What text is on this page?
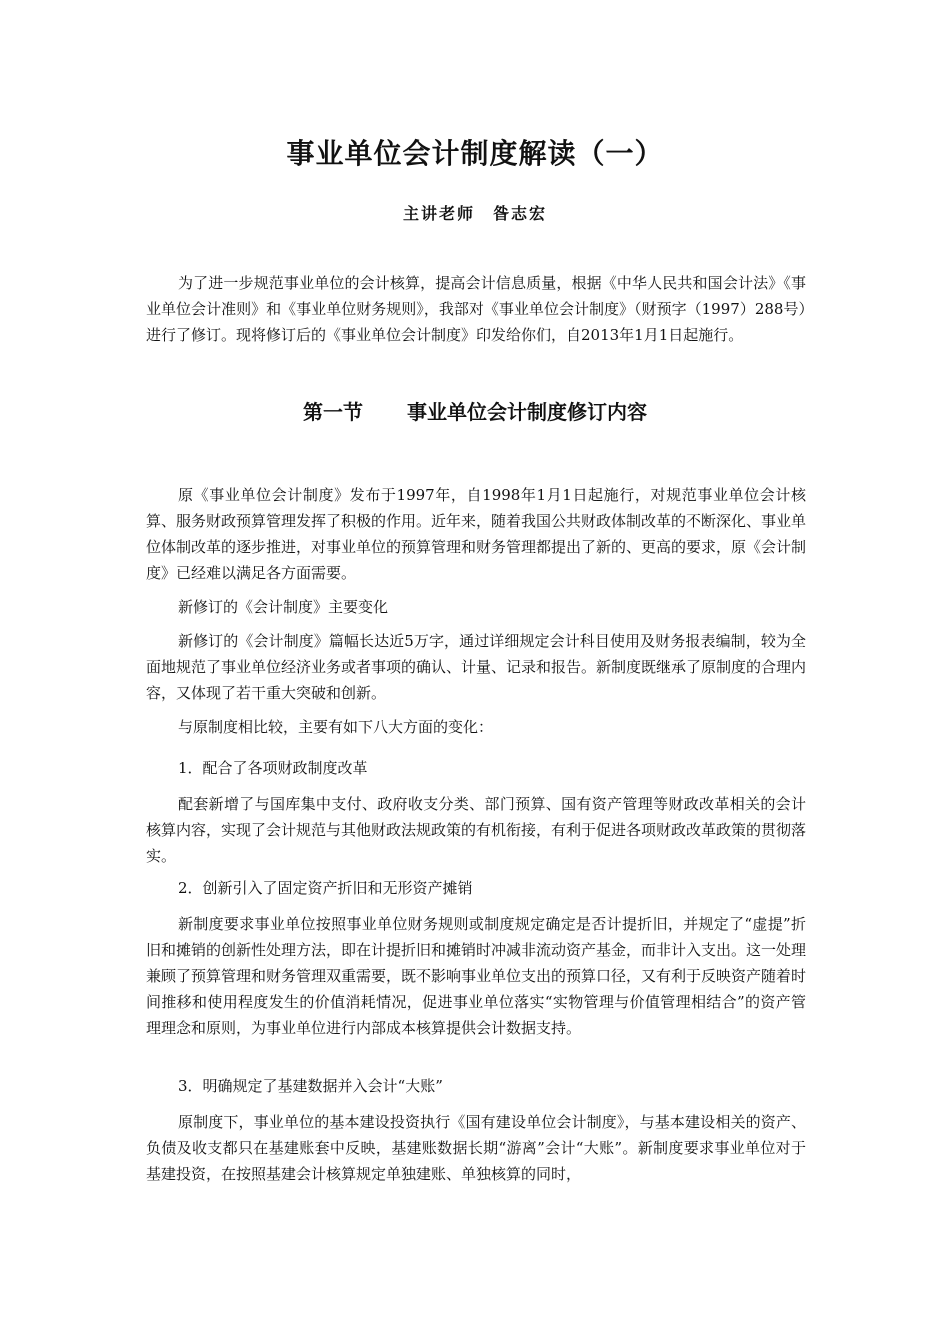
事业单位会计制度解读（一）

主讲老师 昝志宏

为了进一步规范事业单位的会计核算，提高会计信息质量，根据《中华人民共和国会计法》《事业单位会计准则》和《事业单位财务规则》，我部对《事业单位会计制度》（财预字（1997）288号）进行了修订。现将修订后的《事业单位会计制度》印发给你们，自2013年1月1日起施行。

第一节 事业单位会计制度修订内容

原《事业单位会计制度》发布于1997年，自1998年1月1日起施行，对规范事业单位会计核算、服务财政预算管理发挥了积极的作用。近年来，随着我国公共财政体制改革的不断深化、事业单位体制改革的逐步推进，对事业单位的预算管理和财务管理都提出了新的、更高的要求，原《会计制度》已经难以满足各方面需要。

新修订的《会计制度》主要变化

新修订的《会计制度》篇幅长达近5万字，通过详细规定会计科目使用及财务报表编制，较为全面地规范了事业单位经济业务或者事项的确认、计量、记录和报告。新制度既继承了原制度的合理内容，又体现了若干重大突破和创新。

与原制度相比较，主要有如下八大方面的变化：

1．配合了各项财政制度改革

配套新增了与国库集中支付、政府收支分类、部门预算、国有资产管理等财政改革相关的会计核算内容，实现了会计规范与其他财政法规政策的有机衔接，有利于促进各项财政改革政策的贯彻落实。

2．创新引入了固定资产折旧和无形资产摊销

新制度要求事业单位按照事业单位财务规则或制度规定确定是否计提折旧，并规定了“虚提”折旧和摊销的创新性处理方法，即在计提折旧和摊销时冲减非流动资产基金，而非计入支出。这一处理兼顾了预算管理和财务管理双重需要，既不影响事业单位支出的预算口径，又有利于反映资产随着时间推移和使用程度发生的价值消耗情况，促进事业单位落实“实物管理与价值管理相结合”的资产管理理念和原则，为事业单位进行内部成本核算提供会计数据支持。

3．明确规定了基建数据并入会计“大账”

原制度下，事业单位的基本建设投资执行《国有建设单位会计制度》，与基本建设相关的资产、负债及收支都只在基建账套中反映，基建账数据长期“游离”会计“大账”。新制度要求事业单位对于基建投资，在按照基建会计核算规定单独建账、单独核算的同时，
